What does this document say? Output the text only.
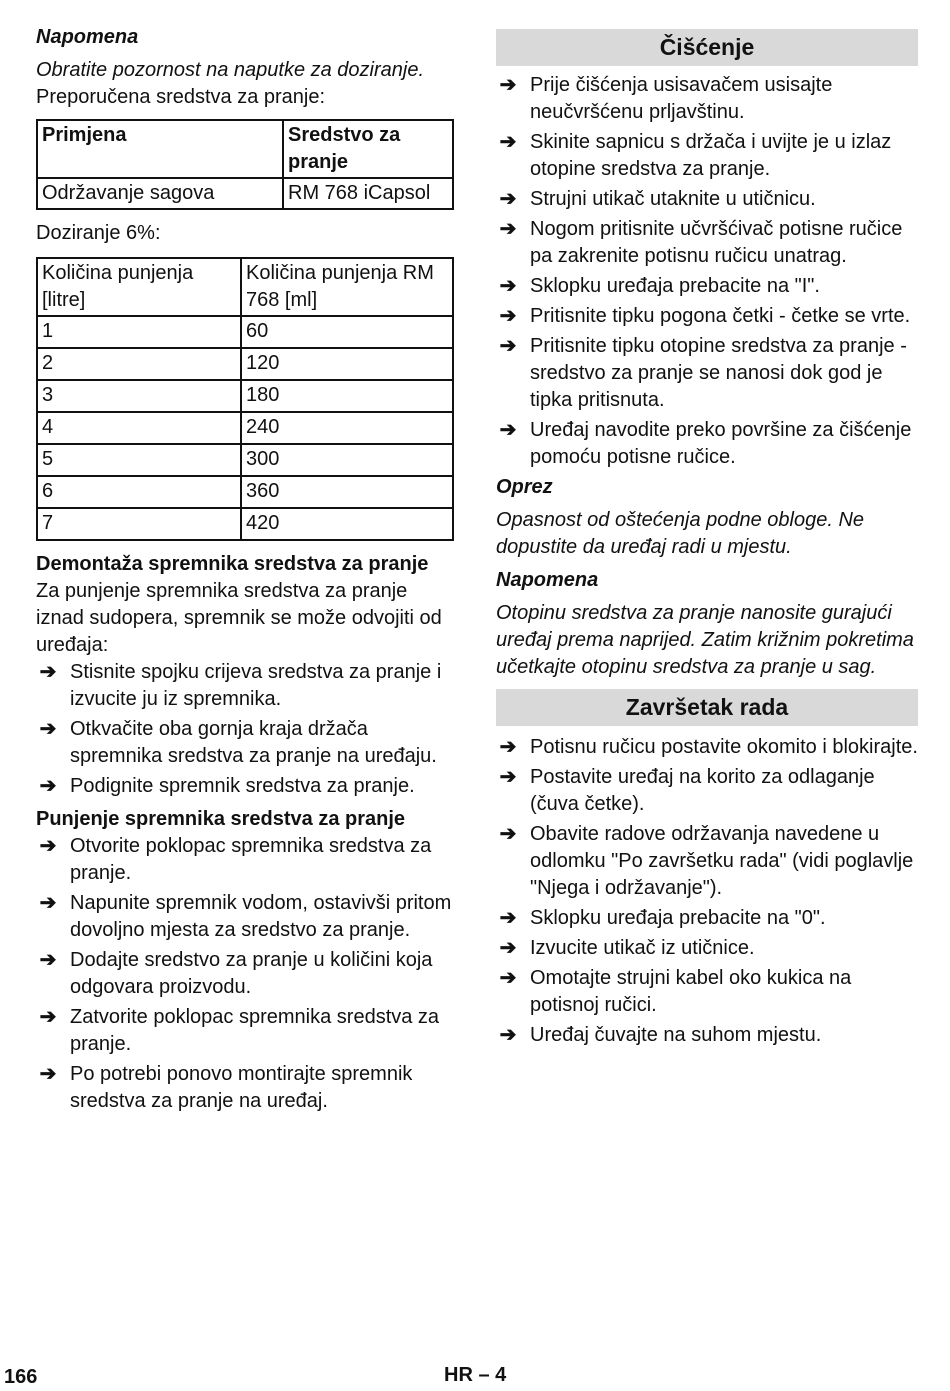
Napomena

Obratite pozornost na naputke za doziranje.

Preporučena sredstva za pranje:

Primjena	Sredstvo za pranje
Održavanje sagova	RM 768 iCapsol

Doziranje 6%:

Količina punjenja [litre]	Količina punjenja RM 768 [ml]
1	60
2	120
3	180
4	240
5	300
6	360
7	420

Demontaža spremnika sredstva za pranje

Za punjenje spremnika sredstva za pranje iznad sudopera, spremnik se može odvojiti od uređaja:

➔ Stisnite spojku crijeva sredstva za pranje i izvucite ju iz spremnika.
➔ Otkvačite oba gornja kraja držača spremnika sredstva za pranje na uređaju.
➔ Podignite spremnik sredstva za pranje.

Punjenje spremnika sredstva za pranje

➔ Otvorite poklopac spremnika sredstva za pranje.
➔ Napunite spremnik vodom, ostavivši pritom dovoljno mjesta za sredstvo za pranje.
➔ Dodajte sredstvo za pranje u količini koja odgovara proizvodu.
➔ Zatvorite poklopac spremnika sredstva za pranje.
➔ Po potrebi ponovo montirajte spremnik sredstva za pranje na uređaj.
Čišćenje
➔ Prije čišćenja usisavačem usisajte neučvršćenu prljavštinu.
➔ Skinite sapnicu s držača i uvijte je u izlaz otopine sredstva za pranje.
➔ Strujni utikač utaknite u utičnicu.
➔ Nogom pritisnite učvršćivač potisne ručice pa zakrenite potisnu ručicu unatrag.
➔ Sklopku uređaja prebacite na "I".
➔ Pritisnite tipku pogona četki - četke se vrte.
➔ Pritisnite tipku otopine sredstva za pranje - sredstvo za pranje se nanosi dok god je tipka pritisnuta.
➔ Uređaj navodite preko površine za čišćenje pomoću potisne ručice.

Oprez

Opasnost od oštećenja podne obloge. Ne dopustite da uređaj radi u mjestu.

Napomena

Otopinu sredstva za pranje nanosite gurajući uređaj prema naprijed. Zatim križnim pokretima učetkajte otopinu sredstva za pranje u sag.

Završetak rada
➔ Potisnu ručicu postavite okomito i blokirajte.
➔ Postavite uređaj na korito za odlaganje (čuva četke).
➔ Obavite radove održavanja navedene u odlomku "Po završetku rada" (vidi poglavlje "Njega i održavanje").
➔ Sklopku uređaja prebacite na "0".
➔ Izvucite utikač iz utičnice.
➔ Omotajte strujni kabel oko kukica na potisnoj ručici.
➔ Uređaj čuvajte na suhom mjestu.
166	HR – 4
